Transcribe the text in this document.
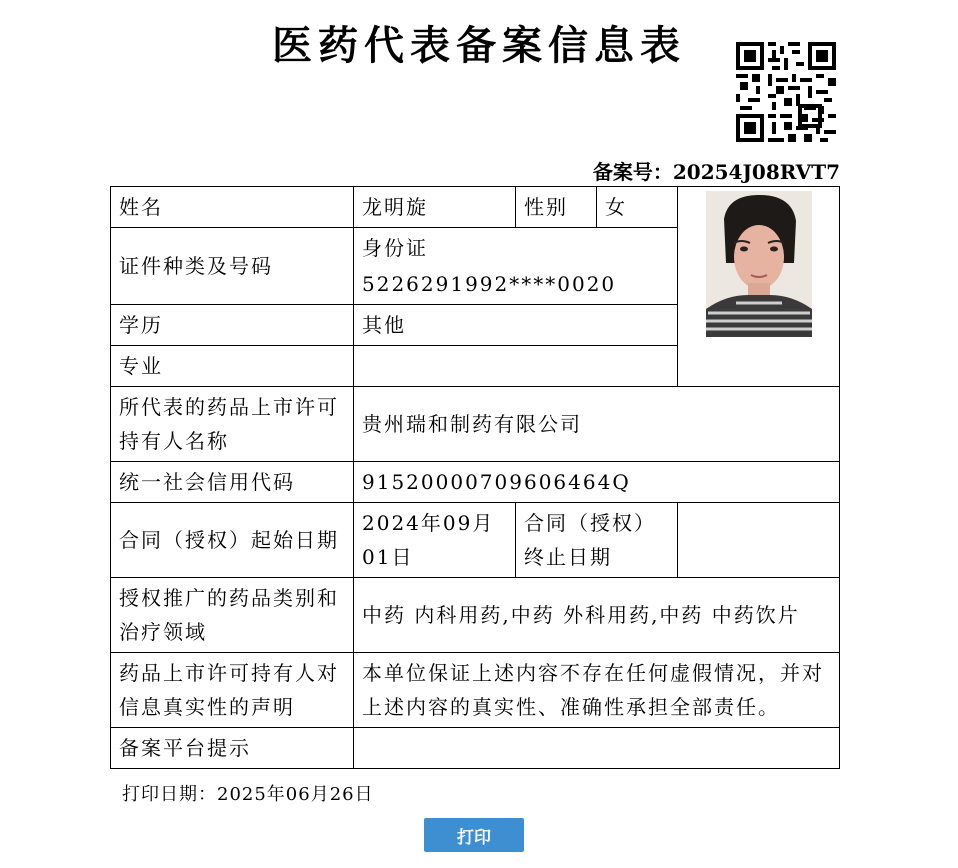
医药代表备案信息表
备案号：20254J08RVT7
姓名	龙明旋	性别	女	

证件种类及号码	身份证 5226291992****0020			
学历	其他			
专业				
所代表的药品上市许可持有人名称	贵州瑞和制药有限公司			
统一社会信用代码	91520000709606464Q			
合同（授权）起始日期	2024年09月01日	合同（授权）终止日期		
授权推广的药品类别和治疗领域	中药 内科用药,中药 外科用药,中药 中药饮片			
药品上市许可持有人对信息真实性的声明	本单位保证上述内容不存在任何虚假情况，并对上述内容的真实性、准确性承担全部责任。			
备案平台提示				
打印日期：2025年06月26日
打印
